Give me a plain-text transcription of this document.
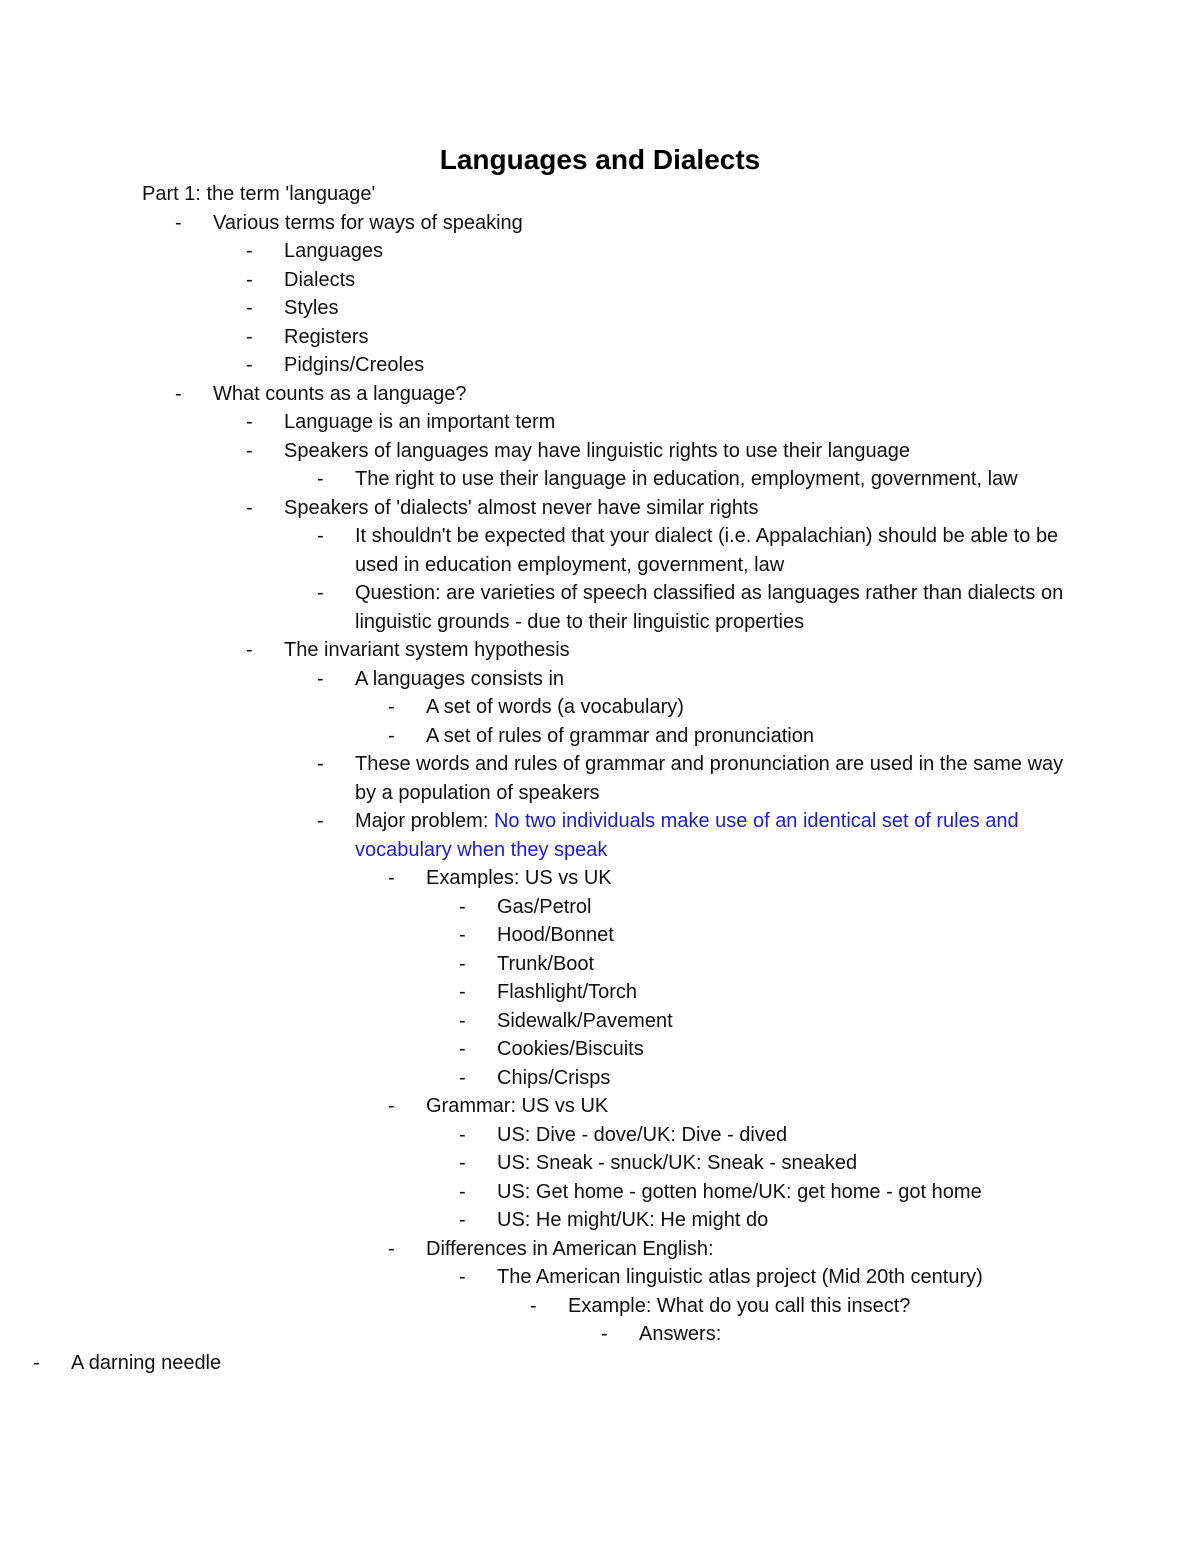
Languages and Dialects

Part 1: the term 'language'

-	Various terms for ways of speaking
-	Languages
-	Dialects
-	Styles
-	Registers
-	Pidgins/Creoles
-	What counts as a language?
-	Language is an important term
-	Speakers of languages may have linguistic rights to use their language
-	The right to use their language in education, employment, government, law
-	Speakers of 'dialects' almost never have similar rights
-	It shouldn't be expected that your dialect (i.e. Appalachian) should be able to be used in education employment, government, law
-	Question: are varieties of speech classified as languages rather than dialects on linguistic grounds - due to their linguistic properties
-	The invariant system hypothesis
-	A languages consists in
-	A set of words (a vocabulary)
-	A set of rules of grammar and pronunciation
-	These words and rules of grammar and pronunciation are used in the same way by a population of speakers
-	Major problem: No two individuals make use of an identical set of rules and vocabulary when they speak
-	Examples: US vs UK
-	Gas/Petrol
-	Hood/Bonnet
-	Trunk/Boot
-	Flashlight/Torch
-	Sidewalk/Pavement
-	Cookies/Biscuits
-	Chips/Crisps
-	Grammar: US vs UK
-	US: Dive - dove/UK: Dive - dived
-	US: Sneak - snuck/UK: Sneak - sneaked
-	US: Get home - gotten home/UK: get home - got home
-	US: He might/UK: He might do
-	Differences in American English:
-	The American linguistic atlas project (Mid 20th century)
-	Example: What do you call this insect?
-	Answers:
-	A darning needle
